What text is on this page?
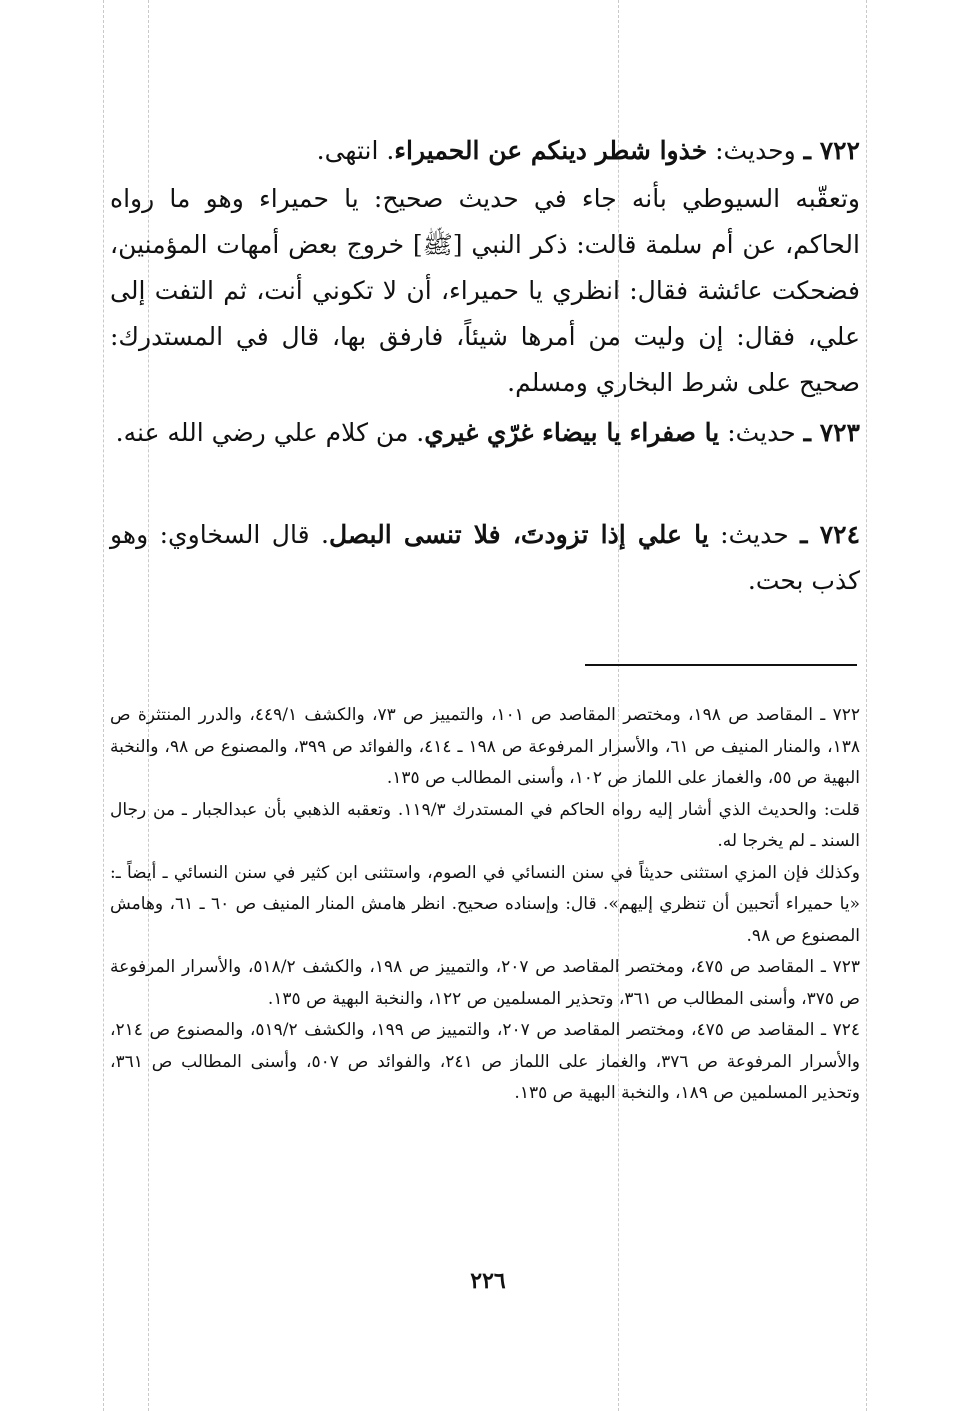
٧٢٢ ـ وحديث: خذوا شطر دينكم عن الحميراء. انتهى.

وتعقّبه السيوطي بأنه جاء في حديث صحيح: يا حميراء وهو ما رواه الحاكم، عن أم سلمة قالت: ذكر النبي [ﷺ] خروج بعض أمهات المؤمنين، فضحكت عائشة فقال: انظري يا حميراء، أن لا تكوني أنت، ثم التفت إلى علي، فقال: إن وليت من أمرها شيئاً، فارفق بها، قال في المستدرك: صحيح على شرط البخاري ومسلم.

٧٢٣ ـ حديث: يا صفراء يا بيضاء غرّي غيري. من كلام علي رضي الله عنه.

٧٢٤ ـ حديث: يا علي إذا تزودتَ، فلا تنسى البصل. قال السخاوي: وهو كذب بحت.

٧٢٢ ـ المقاصد ص ١٩٨، ومختصر المقاصد ص ١٠١، والتمييز ص ٧٣، والكشف ٤٤٩/١، والدرر المنتثرة ص ١٣٨، والمنار المنيف ص ٦١، والأسرار المرفوعة ص ١٩٨ ـ ٤١٤، والفوائد ص ٣٩٩، والمصنوع ص ٩٨، والنخبة البهية ص ٥٥، والغماز على اللماز ص ١٠٢، وأسنى المطالب ص ١٣٥.

قلت: والحديث الذي أشار إليه رواه الحاكم في المستدرك ١١٩/٣. وتعقبه الذهبي بأن عبدالجبار ـ من رجال السند ـ لم يخرجا له.

وكذلك فإن المزي استثنى حديثاً في سنن النسائي في الصوم، واستثنى ابن كثير في سنن النسائي ـ أيضاً ـ: «يا حميراء أتحبين أن تنظري إليهم». قال: وإسناده صحيح. انظر هامش المنار المنيف ص ٦٠ ـ ٦١، وهامش المصنوع ص ٩٨.

٧٢٣ ـ المقاصد ص ٤٧٥، ومختصر المقاصد ص ٢٠٧، والتمييز ص ١٩٨، والكشف ٥١٨/٢، والأسرار المرفوعة ص ٣٧٥، وأسنى المطالب ص ٣٦١، وتحذير المسلمين ص ١٢٢، والنخبة البهية ص ١٣٥.

٧٢٤ ـ المقاصد ص ٤٧٥، ومختصر المقاصد ص ٢٠٧، والتمييز ص ١٩٩، والكشف ٥١٩/٢، والمصنوع ص ٢١٤، والأسرار المرفوعة ص ٣٧٦، والغماز على اللماز ص ٢٤١، والفوائد ص ٥٠٧، وأسنى المطالب ص ٣٦١، وتحذير المسلمين ص ١٨٩، والنخبة البهية ص ١٣٥.

٢٢٦
